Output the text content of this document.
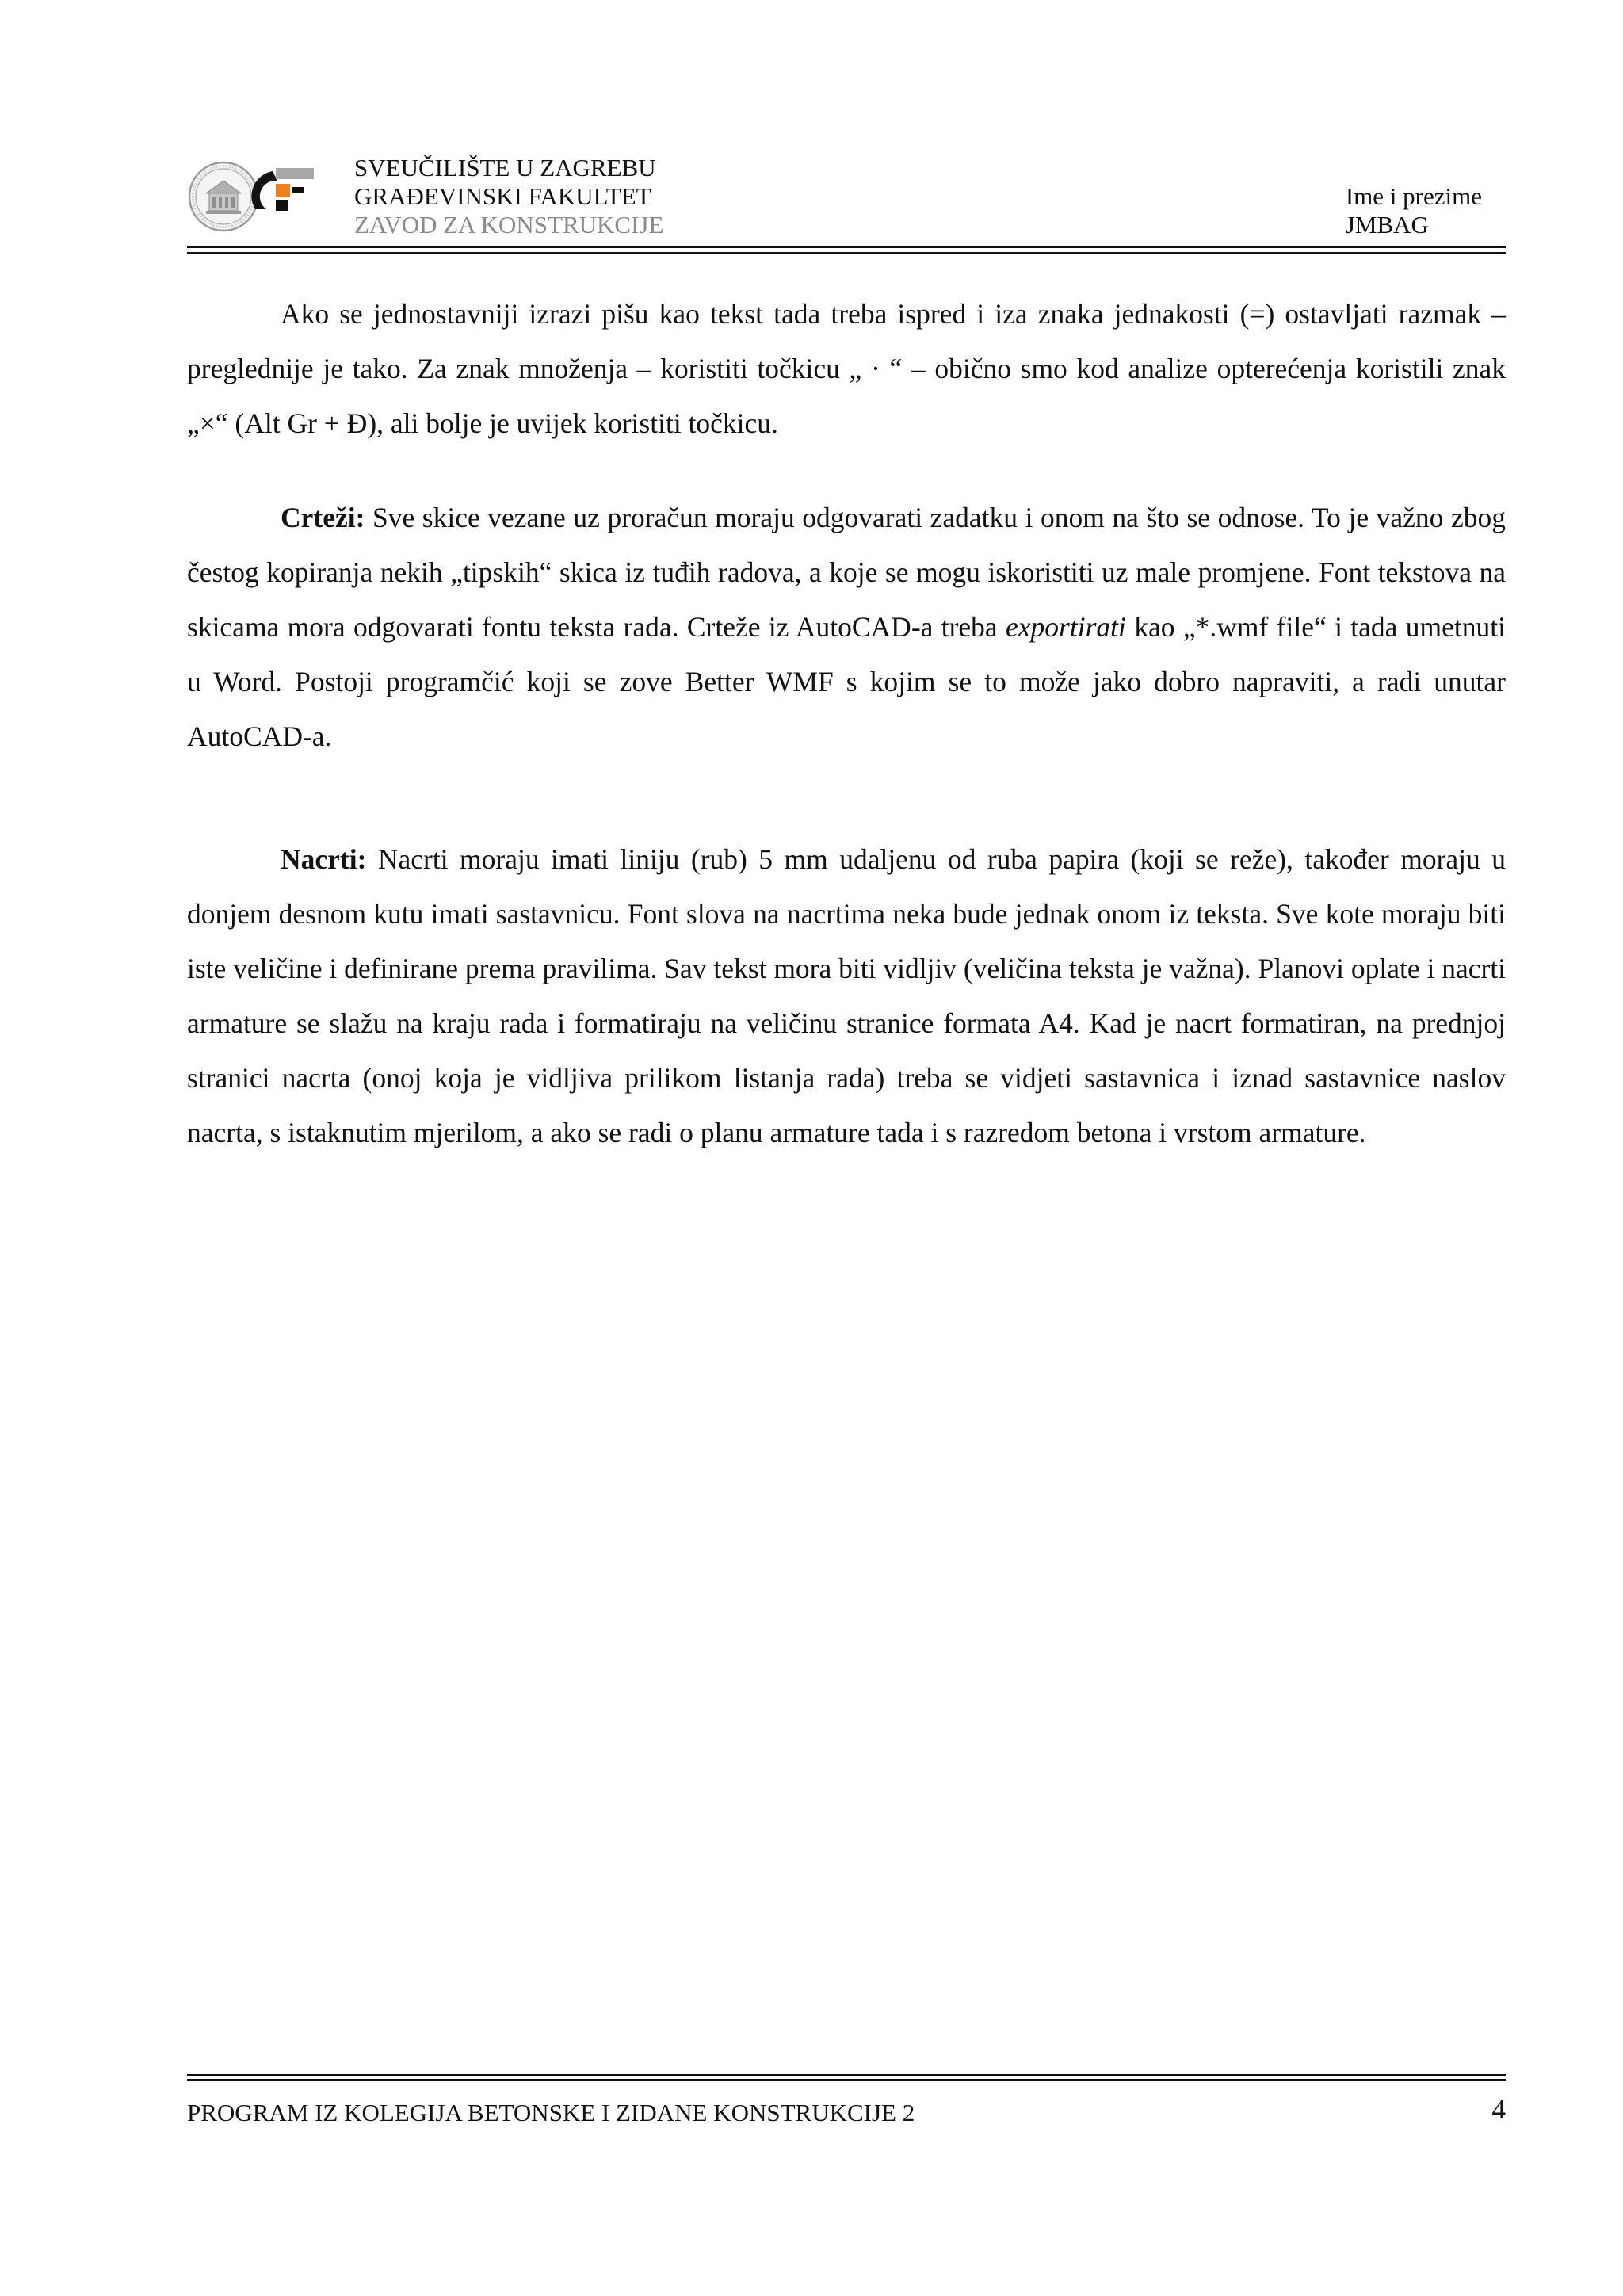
SVEUČILIŠTE U ZAGREBU
GRAĐEVINSKI FAKULTET
ZAVOD ZA KONSTRUKCIJE
Ime i prezime
JMBAG

Ako se jednostavniji izrazi pišu kao tekst tada treba ispred i iza znaka jednakosti (=) ostavljati razmak – preglednije je tako. Za znak množenja – koristiti točkicu „ · “ – obično smo kod analize opterećenja koristili znak „×“ (Alt Gr + Đ), ali bolje je uvijek koristiti točkicu.

Crteži: Sve skice vezane uz proračun moraju odgovarati zadatku i onom na što se odnose. To je važno zbog čestog kopiranja nekih „tipskih“ skica iz tuđih radova, a koje se mogu iskoristiti uz male promjene. Font tekstova na skicama mora odgovarati fontu teksta rada. Crteže iz AutoCAD-a treba exportirati kao „*.wmf file“ i tada umetnuti u Word. Postoji programčić koji se zove Better WMF s kojim se to može jako dobro napraviti, a radi unutar AutoCAD-a.

Nacrti: Nacrti moraju imati liniju (rub) 5 mm udaljenu od ruba papira (koji se reže), također moraju u donjem desnom kutu imati sastavnicu. Font slova na nacrtima neka bude jednak onom iz teksta. Sve kote moraju biti iste veličine i definirane prema pravilima. Sav tekst mora biti vidljiv (veličina teksta je važna). Planovi oplate i nacrti armature se slažu na kraju rada i formatiraju na veličinu stranice formata A4. Kad je nacrt formatiran, na prednjoj stranici nacrta (onoj koja je vidljiva prilikom listanja rada) treba se vidjeti sastavnica i iznad sastavnice naslov nacrta, s istaknutim mjerilom, a ako se radi o planu armature tada i s razredom betona i vrstom armature.

PROGRAM IZ KOLEGIJA BETONSKE I ZIDANE KONSTRUKCIJE 2	4
